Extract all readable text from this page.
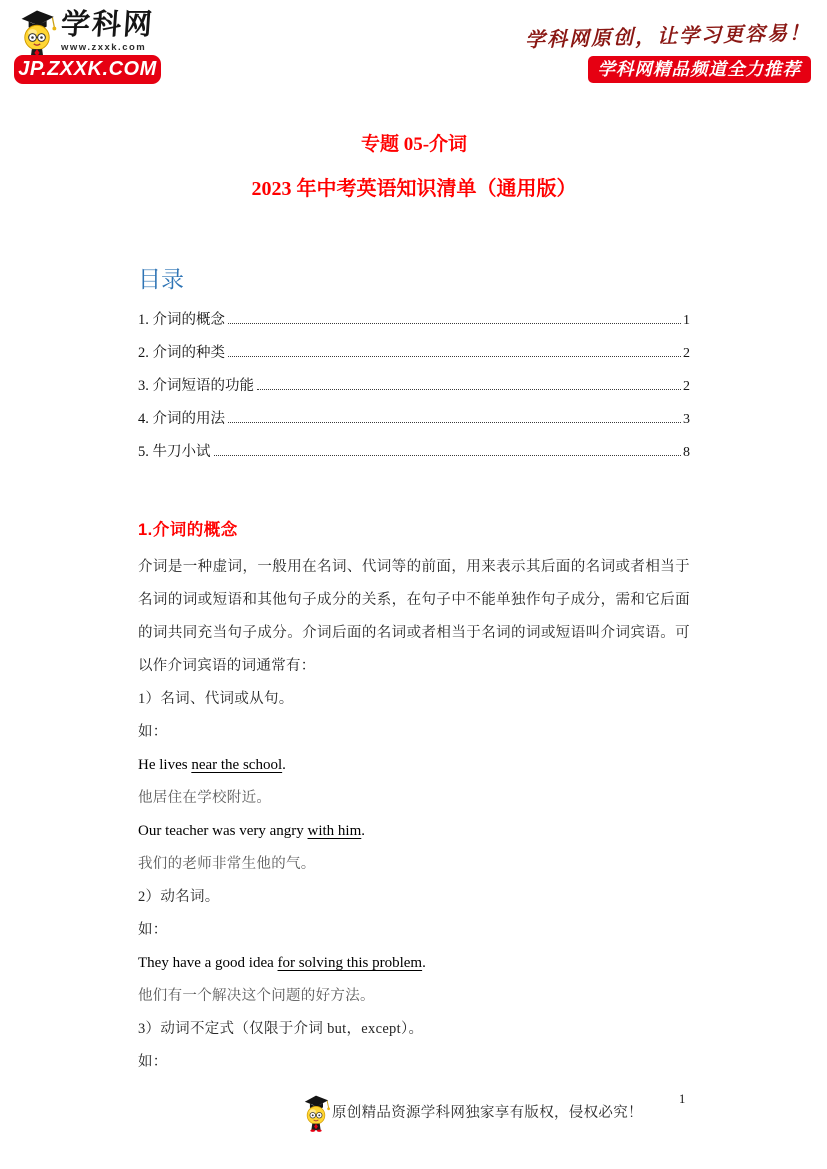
学科网
www.zxxk.com
JP.ZXXK.COM
学科网原创，让学习更容易！
学科网精品频道全力推荐
专题 05-介词
2023 年中考英语知识清单（通用版）
目录
1. 介词的概念	1
2. 介词的种类	2
3. 介词短语的功能	2
4. 介词的用法	3
5. 牛刀小试	8
1.介词的概念

介词是一种虚词，一般用在名词、代词等的前面，用来表示其后面的名词或者相当于名词的词或短语和其他句子成分的关系，在句子中不能单独作句子成分，需和它后面的词共同充当句子成分。介词后面的名词或者相当于名词的词或短语叫介词宾语。可以作介词宾语的词通常有：

1）名词、代词或从句。
如：
He lives near the school.
他居住在学校附近。
Our teacher was very angry with him.
我们的老师非常生他的气。
2）动名词。
如：
They have a good idea for solving this problem.
他们有一个解决这个问题的好方法。
3）动词不定式（仅限于介词 but，except）。
如：
原创精品资源学科网独家享有版权，侵权必究！
1
